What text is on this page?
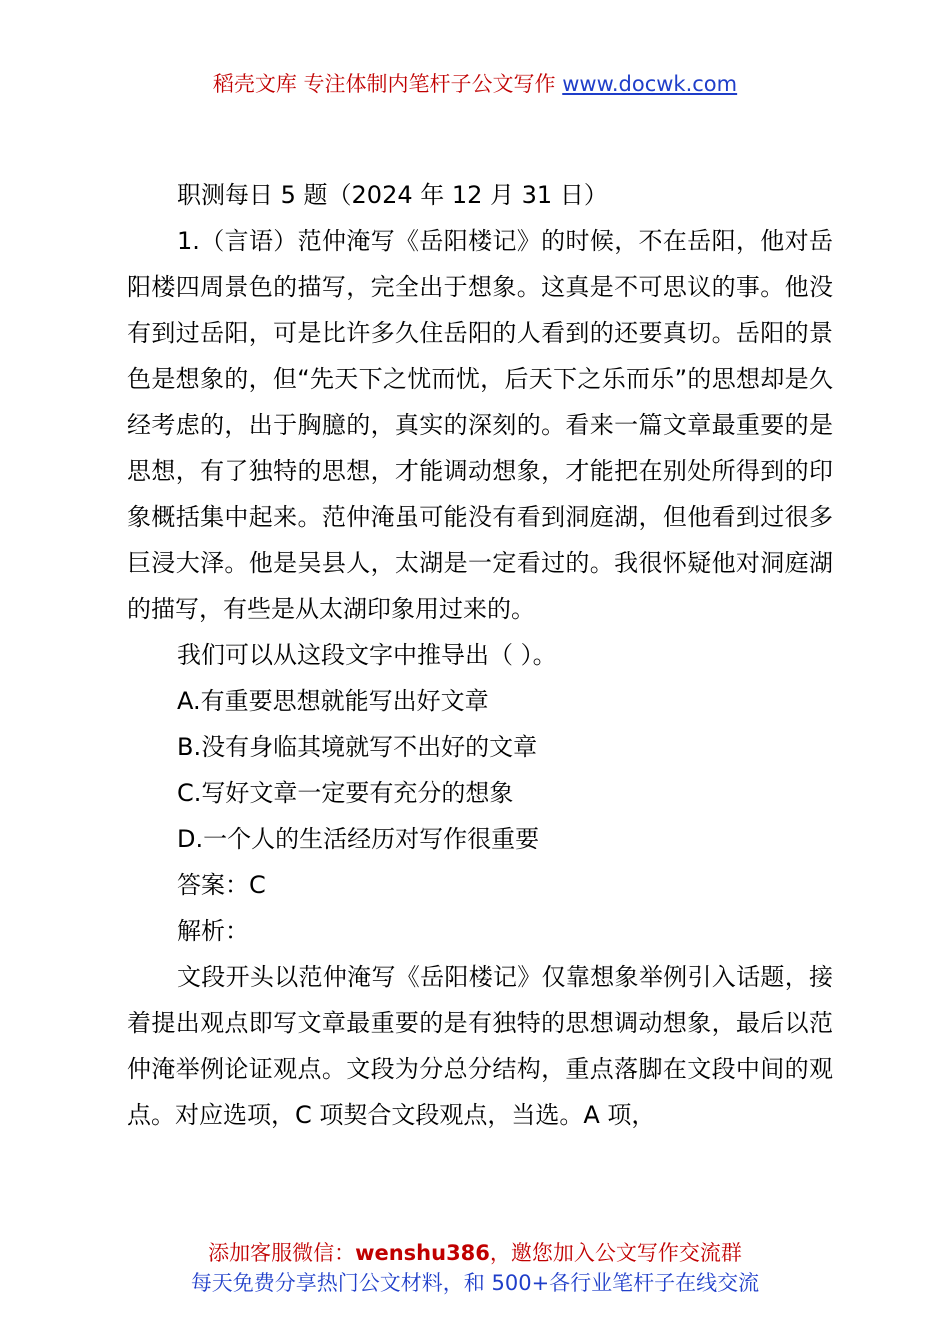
稻壳文库 专注体制内笔杆子公文写作 www.docwk.com

职测每日 5 题（2024 年 12 月 31 日）

1.（言语）范仲淹写《岳阳楼记》的时候，不在岳阳，他对岳阳楼四周景色的描写，完全出于想象。这真是不可思议的事。他没有到过岳阳，可是比许多久住岳阳的人看到的还要真切。岳阳的景色是想象的，但“先天下之忧而忧，后天下之乐而乐”的思想却是久经考虑的，出于胸臆的，真实的深刻的。看来一篇文章最重要的是思想，有了独特的思想，才能调动想象，才能把在别处所得到的印象概括集中起来。范仲淹虽可能没有看到洞庭湖，但他看到过很多巨浸大泽。他是吴县人，太湖是一定看过的。我很怀疑他对洞庭湖的描写，有些是从太湖印象用过来的。

我们可以从这段文字中推导出（ ）。

A.有重要思想就能写出好文章

B.没有身临其境就写不出好的文章

C.写好文章一定要有充分的想象

D.一个人的生活经历对写作很重要

答案：C

解析：

文段开头以范仲淹写《岳阳楼记》仅靠想象举例引入话题，接着提出观点即写文章最重要的是有独特的思想调动想象，最后以范仲淹举例论证观点。文段为分总分结构，重点落脚在文段中间的观点。对应选项，C 项契合文段观点，当选。A 项，

添加客服微信：wenshu386，邀您加入公文写作交流群
每天免费分享热门公文材料，和 500+各行业笔杆子在线交流
